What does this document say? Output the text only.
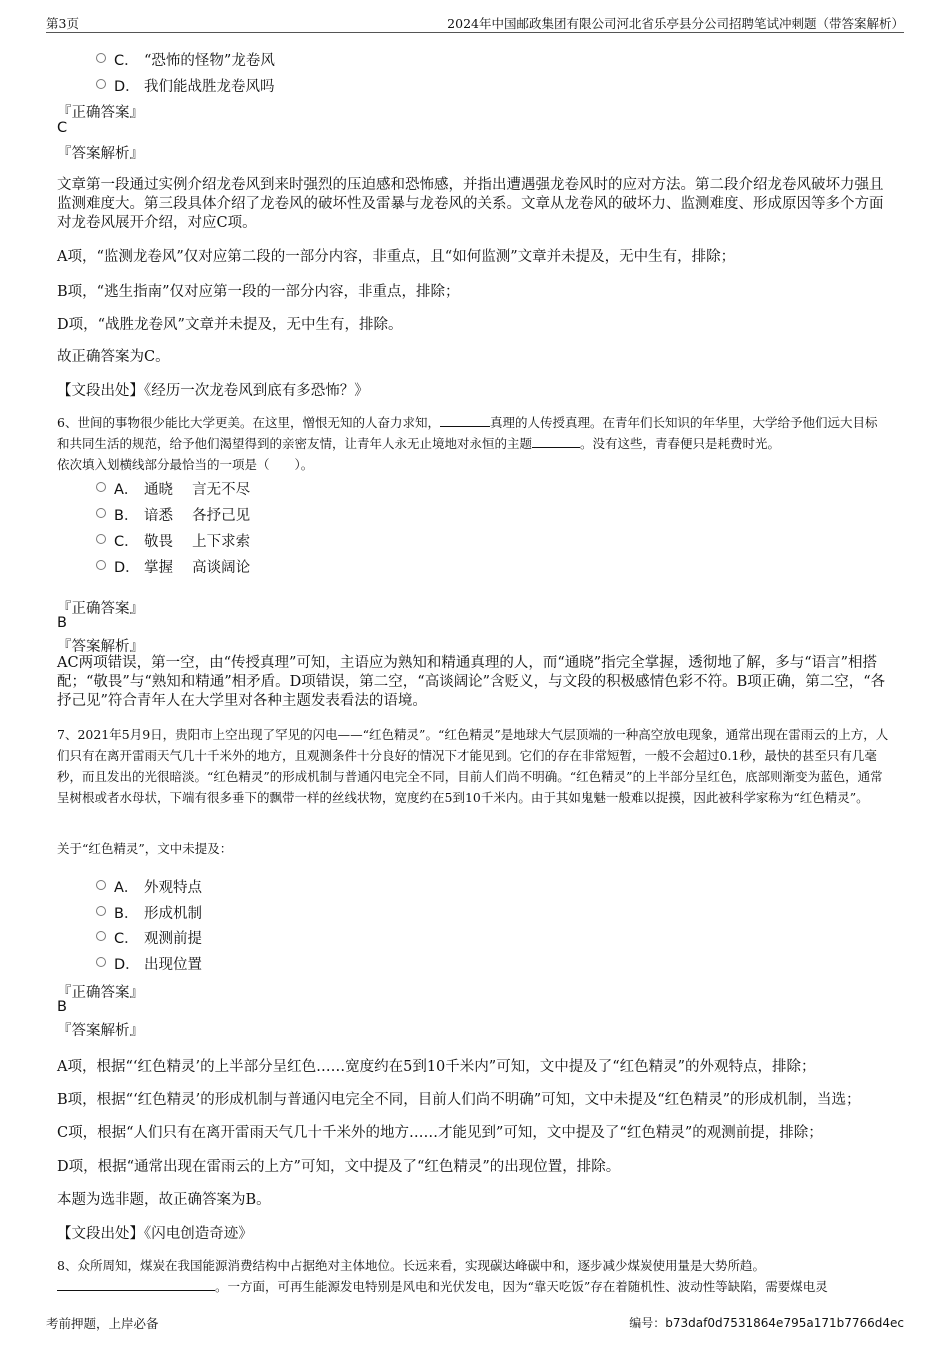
第3页	2024年中国邮政集团有限公司河北省乐亭县分公司招聘笔试冲刺题（带答案解析）
C． “恐怖的怪物”龙卷风
D． 我们能战胜龙卷风吗
『正确答案』
C
『答案解析』
文章第一段通过实例介绍龙卷风到来时强烈的压迫感和恐怖感，并指出遭遇强龙卷风时的应对方法。第二段介绍龙卷风破坏力强且监测难度大。第三段具体介绍了龙卷风的破坏性及雷暴与龙卷风的关系。文章从龙卷风的破坏力、监测难度、形成原因等多个方面对龙卷风展开介绍，对应C项。
A项，“监测龙卷风”仅对应第二段的一部分内容，非重点，且“如何监测”文章并未提及，无中生有，排除；
B项，“逃生指南”仅对应第一段的一部分内容，非重点，排除；
D项，“战胜龙卷风”文章并未提及，无中生有，排除。
故正确答案为C。
【文段出处】《经历一次龙卷风到底有多恐怖？》
6、世间的事物很少能比大学更美。在这里，憎恨无知的人奋力求知，	真理的人传授真理。在青年们长知识的年华里，大学给予他们远大目标和共同生活的规范，给予他们渴望得到的亲密友情，让青年人永无止境地对永恒的主题	。没有这些，青春便只是耗费时光。
依次填入划横线部分最恰当的一项是（　　）。
A． 通晓　 言无不尽
B． 谙悉　 各抒己见
C． 敬畏　 上下求索
D． 掌握　 高谈阔论
『正确答案』
B
『答案解析』
AC两项错误，第一空，由“传授真理”可知，主语应为熟知和精通真理的人，而“通晓”指完全掌握，透彻地了解，多与“语言”相搭配；“敬畏”与“熟知和精通”相矛盾。D项错误，第二空，“高谈阔论”含贬义，与文段的积极感情色彩不符。B项正确，第二空，“各抒己见”符合青年人在大学里对各种主题发表看法的语境。
7、2021年5月9日，贵阳市上空出现了罕见的闪电——“红色精灵”。“红色精灵”是地球大气层顶端的一种高空放电现象，通常出现在雷雨云的上方，人们只有在离开雷雨天气几十千米外的地方，且观测条件十分良好的情况下才能见到。它们的存在非常短暂，一般不会超过0.1秒，最快的甚至只有几毫秒，而且发出的光很暗淡。“红色精灵”的形成机制与普通闪电完全不同，目前人们尚不明确。“红色精灵”的上半部分呈红色，底部则渐变为蓝色，通常呈树根或者水母状，下端有很多垂下的飘带一样的丝线状物，宽度约在5到10千米内。由于其如鬼魅一般难以捉摸，因此被科学家称为“红色精灵”。
关于“红色精灵”，文中未提及：
A． 外观特点
B． 形成机制
C． 观测前提
D． 出现位置
『正确答案』
B
『答案解析』
A项，根据“‘红色精灵’的上半部分呈红色……宽度约在5到10千米内”可知，文中提及了“红色精灵”的外观特点，排除；
B项，根据“‘红色精灵’的形成机制与普通闪电完全不同，目前人们尚不明确”可知，文中未提及“红色精灵”的形成机制，当选；
C项，根据“人们只有在离开雷雨天气几十千米外的地方……才能见到”可知，文中提及了“红色精灵”的观测前提，排除；
D项，根据“通常出现在雷雨云的上方”可知，文中提及了“红色精灵”的出现位置，排除。
本题为选非题，故正确答案为B。
【文段出处】《闪电创造奇迹》
8、众所周知，煤炭在我国能源消费结构中占据绝对主体地位。长远来看，实现碳达峰碳中和，逐步减少煤炭使用量是大势所趋。
。一方面，可再生能源发电特别是风电和光伏发电，因为“靠天吃饭”存在着随机性、波动性等缺陷，需要煤电灵
考前押题，上岸必备	编号：b73daf0d7531864e795a171b7766d4ec
